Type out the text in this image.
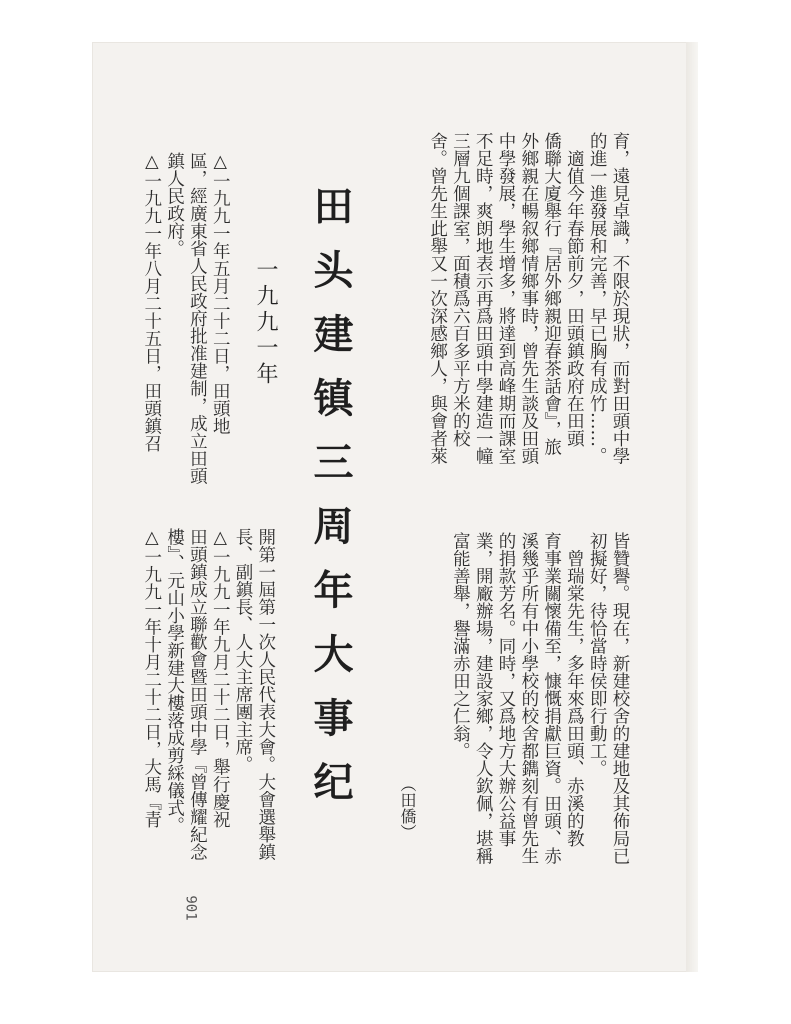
育，遠見卓識，不限於現狀，而對田頭中學
的進一進發展和完善，早已胸有成竹……。
　適值今年春節前夕，田頭鎮政府在田頭
僑聯大廈舉行『居外鄉親迎春茶話會』，旅
外鄉親在暢叙鄉情鄉事時，曾先生談及田頭
中學發展，學生增多，將達到高峰期而課室
不足時，爽朗地表示再爲田頭中學建造一幢
三層九個課室，面積爲六百多平方米的校
舍。曾先生此舉又一次深感鄉人，與會者萊
田头建镇三周年大事纪
一九九一年
△一九九一年五月二十二日，田頭地
區，經廣東省人民政府批准建制，成立田頭
鎮人民政府。
△一九九一年八月二十五日，田頭鎮召
皆贊譽。現在，新建校舍的建地及其佈局已
初擬好，待恰當時侯即行動工。
　曾瑞棠先生，多年來爲田頭、赤溪的教
育事業關懷備至，慷慨捐獻巨資。田頭、赤
溪幾乎所有中小學校的校舍都鐫刻有曾先生
的捐款芳名。同時，又爲地方大辦公益事
業，開廠辦場，建設家鄉，令人欽佩，堪稱
富能善舉，譽滿赤田之仁翁。
（田僑）
開第一屆第一次人民代表大會。大會選舉鎮
長、副鎮長、人大主席團主席。
△一九九一年九月二十二日，舉行慶祝
田頭鎮成立聯歡會暨田頭中學『曾傳耀紀念
樓』、元山小學新建大樓落成剪綵儀式。
△一九九一年十月二十二日，大馬『青
901
